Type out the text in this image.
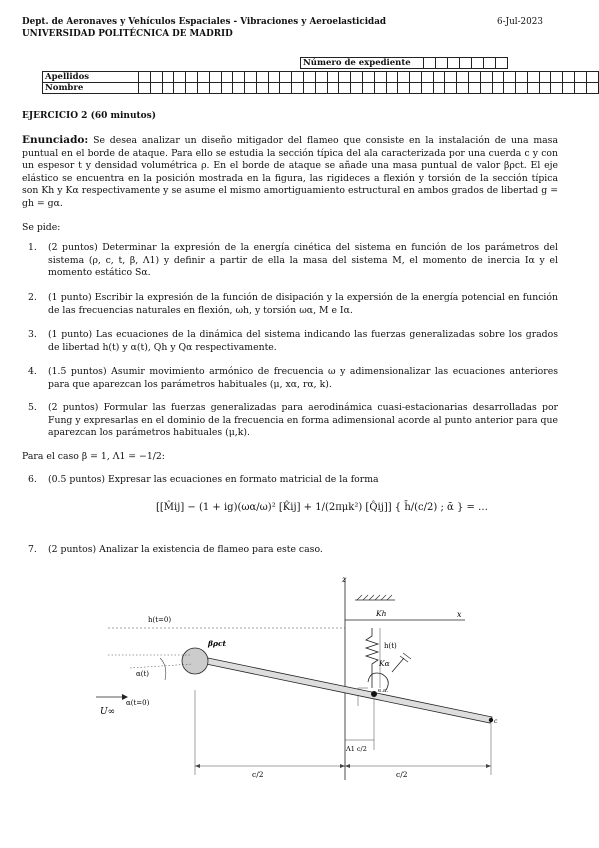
Dept. de Aeronaves y Vehículos Espaciales - Vibraciones y Aeroelasticidad	6-Jul-2023
UNIVERSIDAD POLITÉCNICA DE MADRID
Número de expediente							
Apellidos																																							
Nombre																																							
EJERCICIO 2 (60 minutos)
Enunciado: Se desea analizar un diseño mitigador del flameo que consiste en la instalación de una masa puntual en el borde de ataque. Para ello se estudia la sección típica del ala caracterizada por una cuerda c y con un espesor t y densidad volumétrica ρ. En el borde de ataque se añade una masa puntual de valor βρct. El eje elástico se encuentra en la posición mostrada en la figura, las rigideces a flexión y torsión de la sección típica son Kh y Kα respectivamente y se asume el mismo amortiguamiento estructural en ambos grados de libertad g = gh = gα.
Se pide:
1. (2 puntos) Determinar la expresión de la energía cinética del sistema en función de los parámetros del sistema (ρ, c, t, β, Λ1) y definir a partir de ella la masa del sistema M, el momento de inercia Iα y el momento estático Sα.
2. (1 punto) Escribir la expresión de la función de disipación y la expersión de la energía potencial en función de las frecuencias naturales en flexión, ωh, y torsión ωα, M e Iα.
3. (1 punto) Las ecuaciones de la dinámica del sistema indicando las fuerzas generalizadas sobre los grados de libertad h(t) y α(t), Qh y Qα respectivamente.
4. (1.5 puntos) Asumir movimiento armónico de frecuencia ω y adimensionalizar las ecuaciones anteriores para que aparezcan los parámetros habituales (μ, xα, rα, k).
5. (2 puntos) Formular las fuerzas generalizadas para aerodinámica cuasi-estacionarias desarrolladas por Fung y expresarlas en el dominio de la frecuencia en forma adimensional acorde al punto anterior para que aparezcan los parámetros habituales (μ,k).
Para el caso β = 1, Λ1 = −1/2:
6. (0.5 puntos) Expresar las ecuaciones en formato matricial de la forma
[[M̂ij] − (1 + ig)(ωα/ω)² [K̂ij] + 1/(2πμk²) [Q̂ij]] { h̄/(c/2) ; ᾱ } = …
7. (2 puntos) Analizar la existencia de flameo para este caso.
z
x
h(t=0)
Kh
h(t)
Kα
e.a.
c
βρct
α(t)
α(t=0)
U∞
Λ1 c/2
c/2	c/2
